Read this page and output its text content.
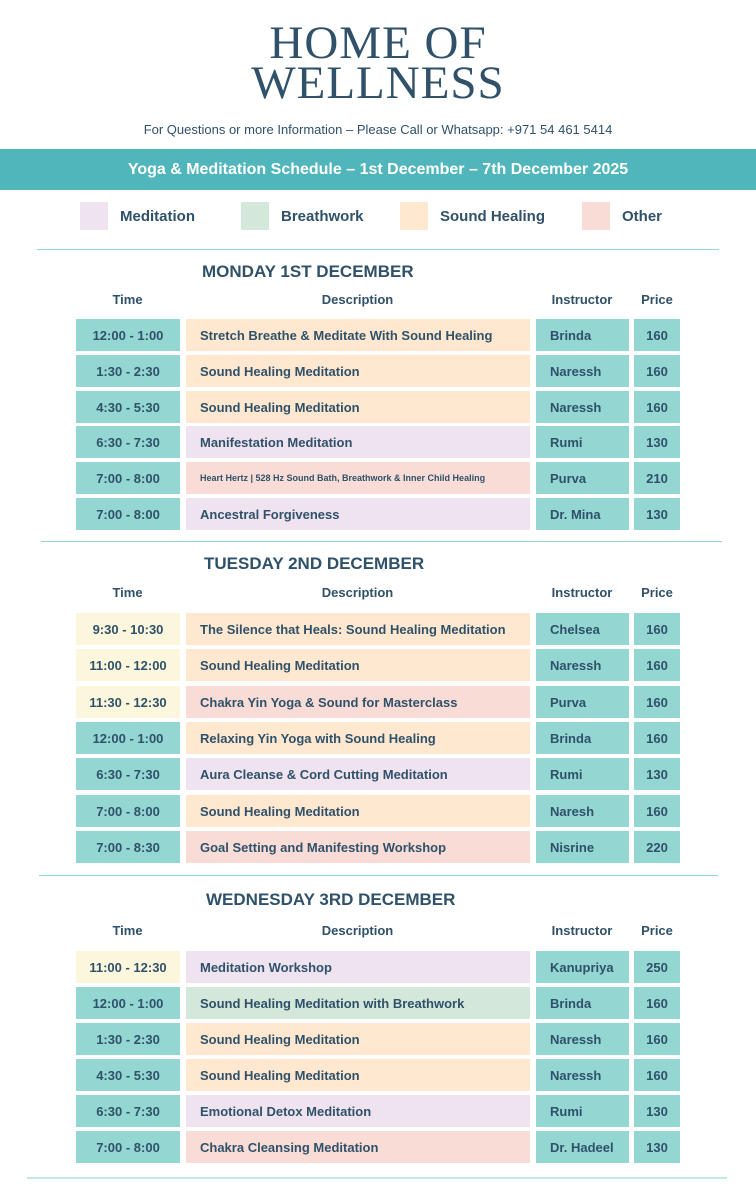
HOME OF
WELLNESS
For Questions or more Information – Please Call or Whatsapp: +971 54 461 5414
Yoga & Meditation Schedule – 1st December – 7th December 2025
Meditation	Breathwork	Sound Healing	Other
MONDAY 1ST DECEMBER
Time	Description	Instructor	Price
12:00 - 1:00	Stretch Breathe & Meditate With Sound Healing	Brinda	160
1:30 - 2:30	Sound Healing Meditation	Naressh	160
4:30 - 5:30	Sound Healing Meditation	Naressh	160
6:30 - 7:30	Manifestation Meditation	Rumi	130
7:00 - 8:00	Heart Hertz | 528 Hz Sound Bath, Breathwork & Inner Child Healing	Purva	210
7:00 - 8:00	Ancestral Forgiveness	Dr. Mina	130
TUESDAY 2ND DECEMBER
Time	Description	Instructor	Price
9:30 - 10:30	The Silence that Heals: Sound Healing Meditation	Chelsea	160
11:00 - 12:00	Sound Healing Meditation	Naressh	160
11:30 - 12:30	Chakra Yin Yoga & Sound for Masterclass	Purva	160
12:00 - 1:00	Relaxing Yin Yoga with Sound Healing	Brinda	160
6:30 - 7:30	Aura Cleanse & Cord Cutting Meditation	Rumi	130
7:00 - 8:00	Sound Healing Meditation	Naresh	160
7:00 - 8:30	Goal Setting and Manifesting Workshop	Nisrine	220
WEDNESDAY 3RD DECEMBER
Time	Description	Instructor	Price
11:00 - 12:30	Meditation Workshop	Kanupriya	250
12:00 - 1:00	Sound Healing Meditation with Breathwork	Brinda	160
1:30 - 2:30	Sound Healing Meditation	Naressh	160
4:30 - 5:30	Sound Healing Meditation	Naressh	160
6:30 - 7:30	Emotional Detox Meditation	Rumi	130
7:00 - 8:00	Chakra Cleansing Meditation	Dr. Hadeel	130
